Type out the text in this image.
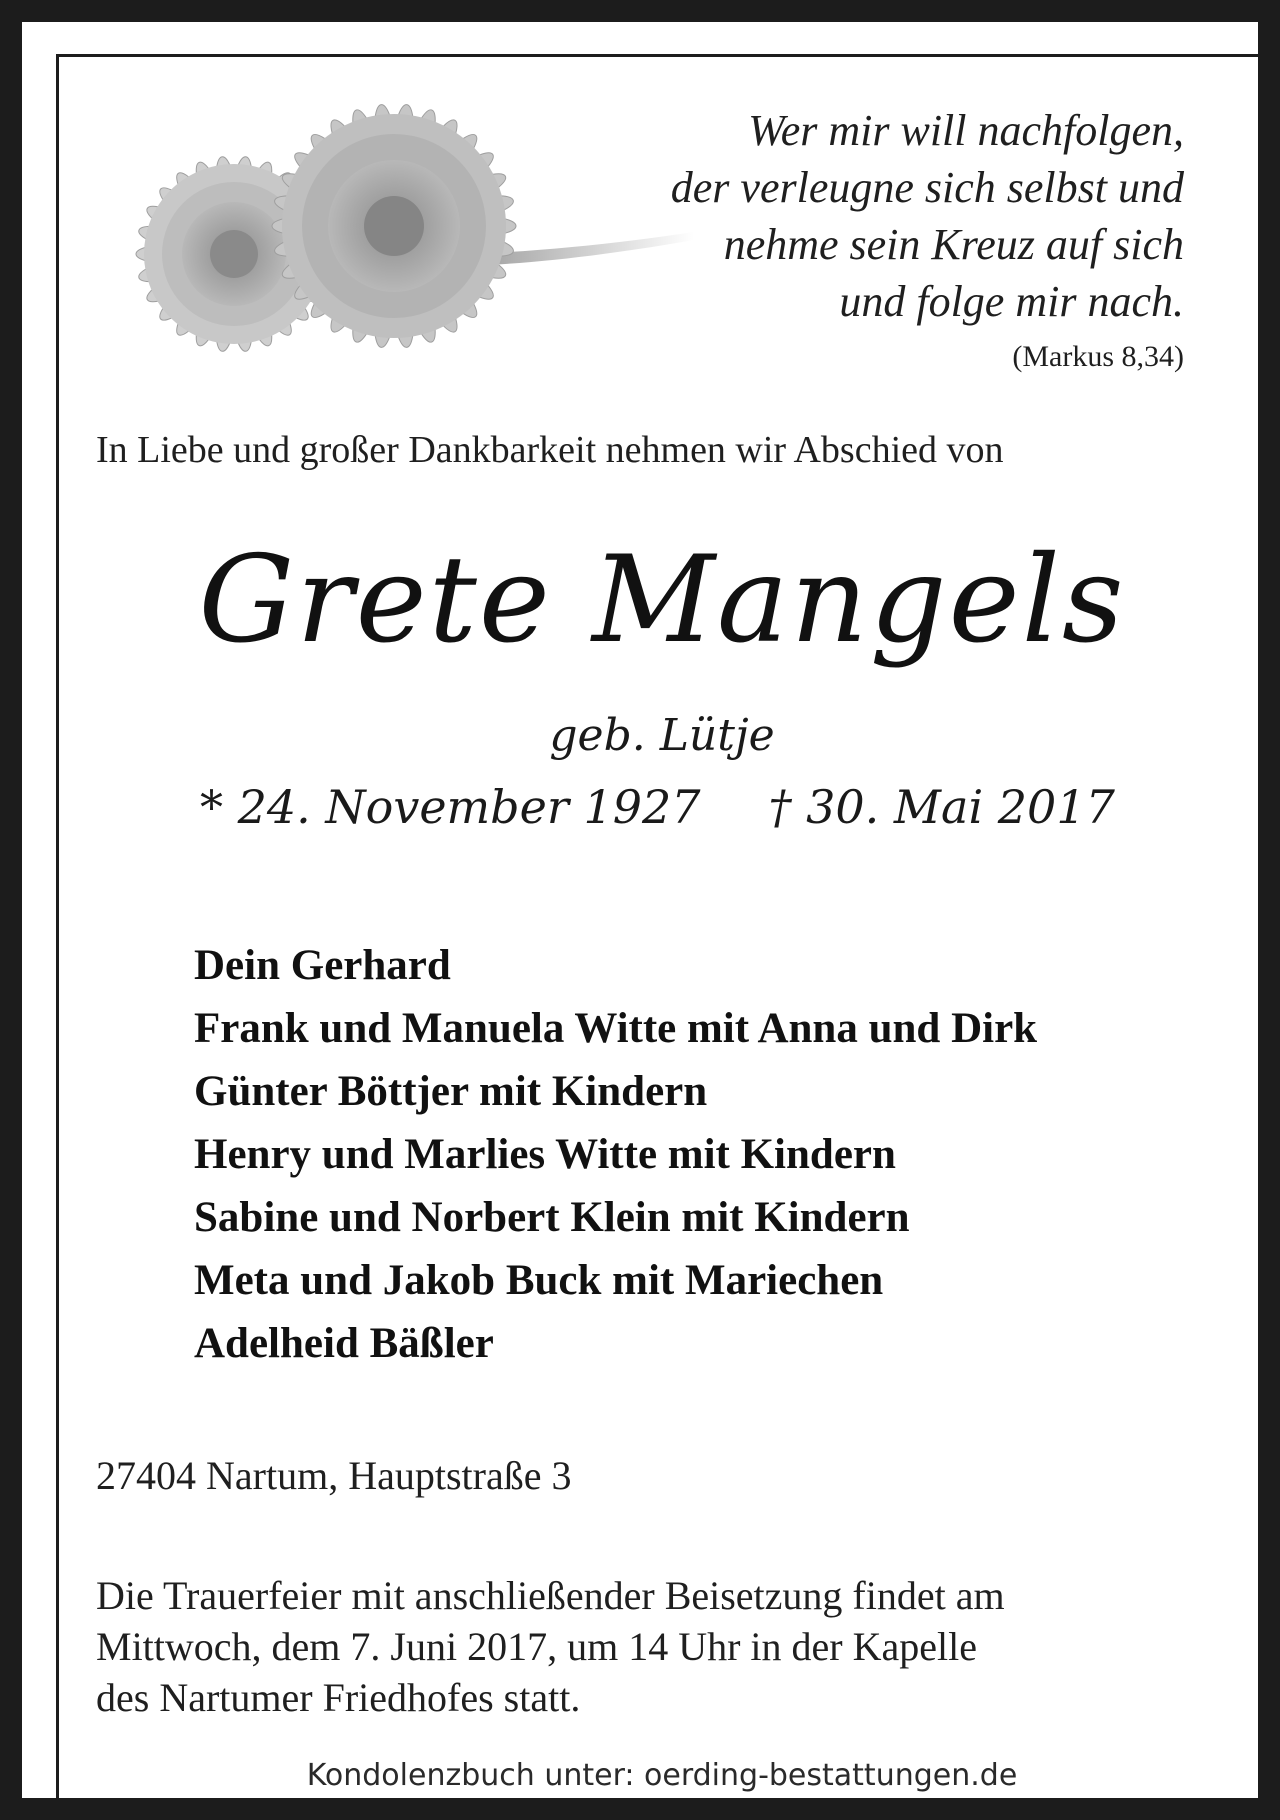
Wer mir will nachfolgen,
der verleugne sich selbst und
nehme sein Kreuz auf sich
und folge mir nach.
(Markus 8,34)
In Liebe und großer Dankbarkeit nehmen wir Abschied von
Grete Mangels
geb. Lütje
* 24. November 1927 † 30. Mai 2017
Dein Gerhard
Frank und Manuela Witte mit Anna und Dirk
Günter Böttjer mit Kindern
Henry und Marlies Witte mit Kindern
Sabine und Norbert Klein mit Kindern
Meta und Jakob Buck mit Mariechen
Adelheid Bäßler
27404 Nartum, Hauptstraße 3
Die Trauerfeier mit anschließender Beisetzung findet am
Mittwoch, dem 7. Juni 2017, um 14 Uhr in der Kapelle
des Nartumer Friedhofes statt.
Kondolenzbuch unter: oerding-bestattungen.de
